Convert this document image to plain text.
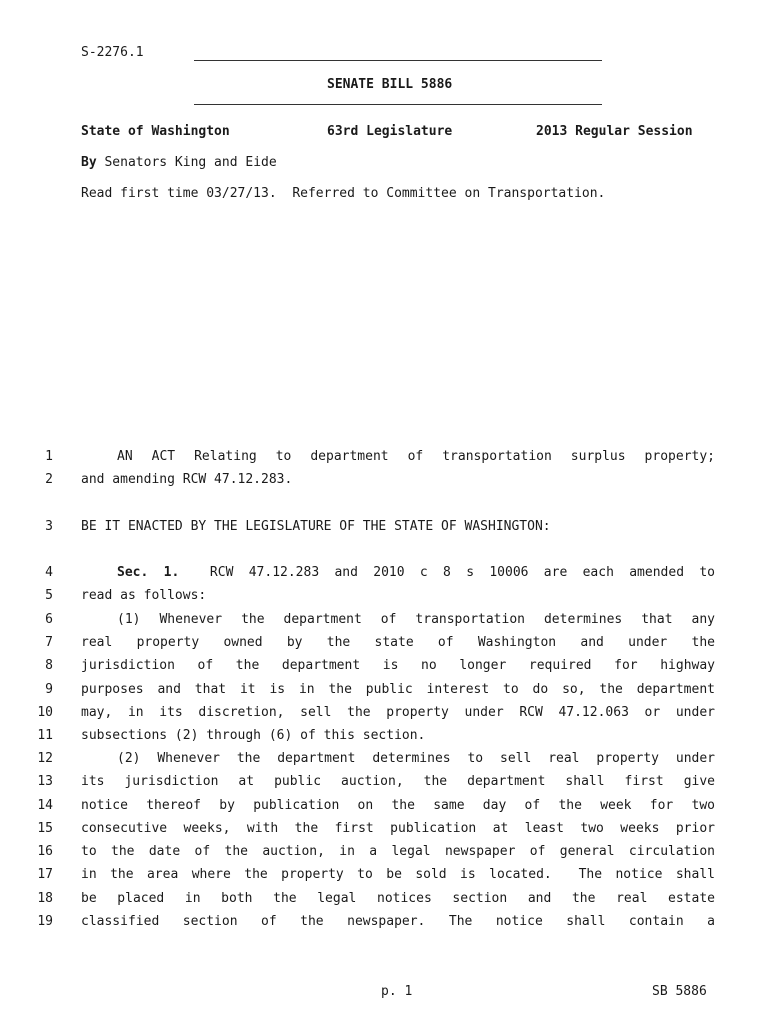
S-2276.1
SENATE BILL 5886
State of Washington	63rd Legislature	2013 Regular Session
By Senators King and Eide
Read first time 03/27/13.  Referred to Committee on Transportation.
1	AN ACT Relating to department of transportation surplus property;
2 and amending RCW 47.12.283.
3 BE IT ENACTED BY THE LEGISLATURE OF THE STATE OF WASHINGTON:
4	Sec. 1. RCW 47.12.283 and 2010 c 8 s 10006 are each amended to
5 read as follows:
6	(1) Whenever the department of transportation determines that any
7 real property owned by the state of Washington and under the
8 jurisdiction of the department is no longer required for highway
9 purposes and that it is in the public interest to do so, the department
10 may, in its discretion, sell the property under RCW 47.12.063 or under
11 subsections (2) through (6) of this section.
12	(2) Whenever the department determines to sell real property under
13 its jurisdiction at public auction, the department shall first give
14 notice thereof by publication on the same day of the week for two
15 consecutive weeks, with the first publication at least two weeks prior
16 to the date of the auction, in a legal newspaper of general circulation
17 in the area where the property to be sold is located.  The notice shall
18 be placed in both the legal notices section and the real estate
19 classified section of the newspaper. The notice shall contain a
p. 1	SB 5886
